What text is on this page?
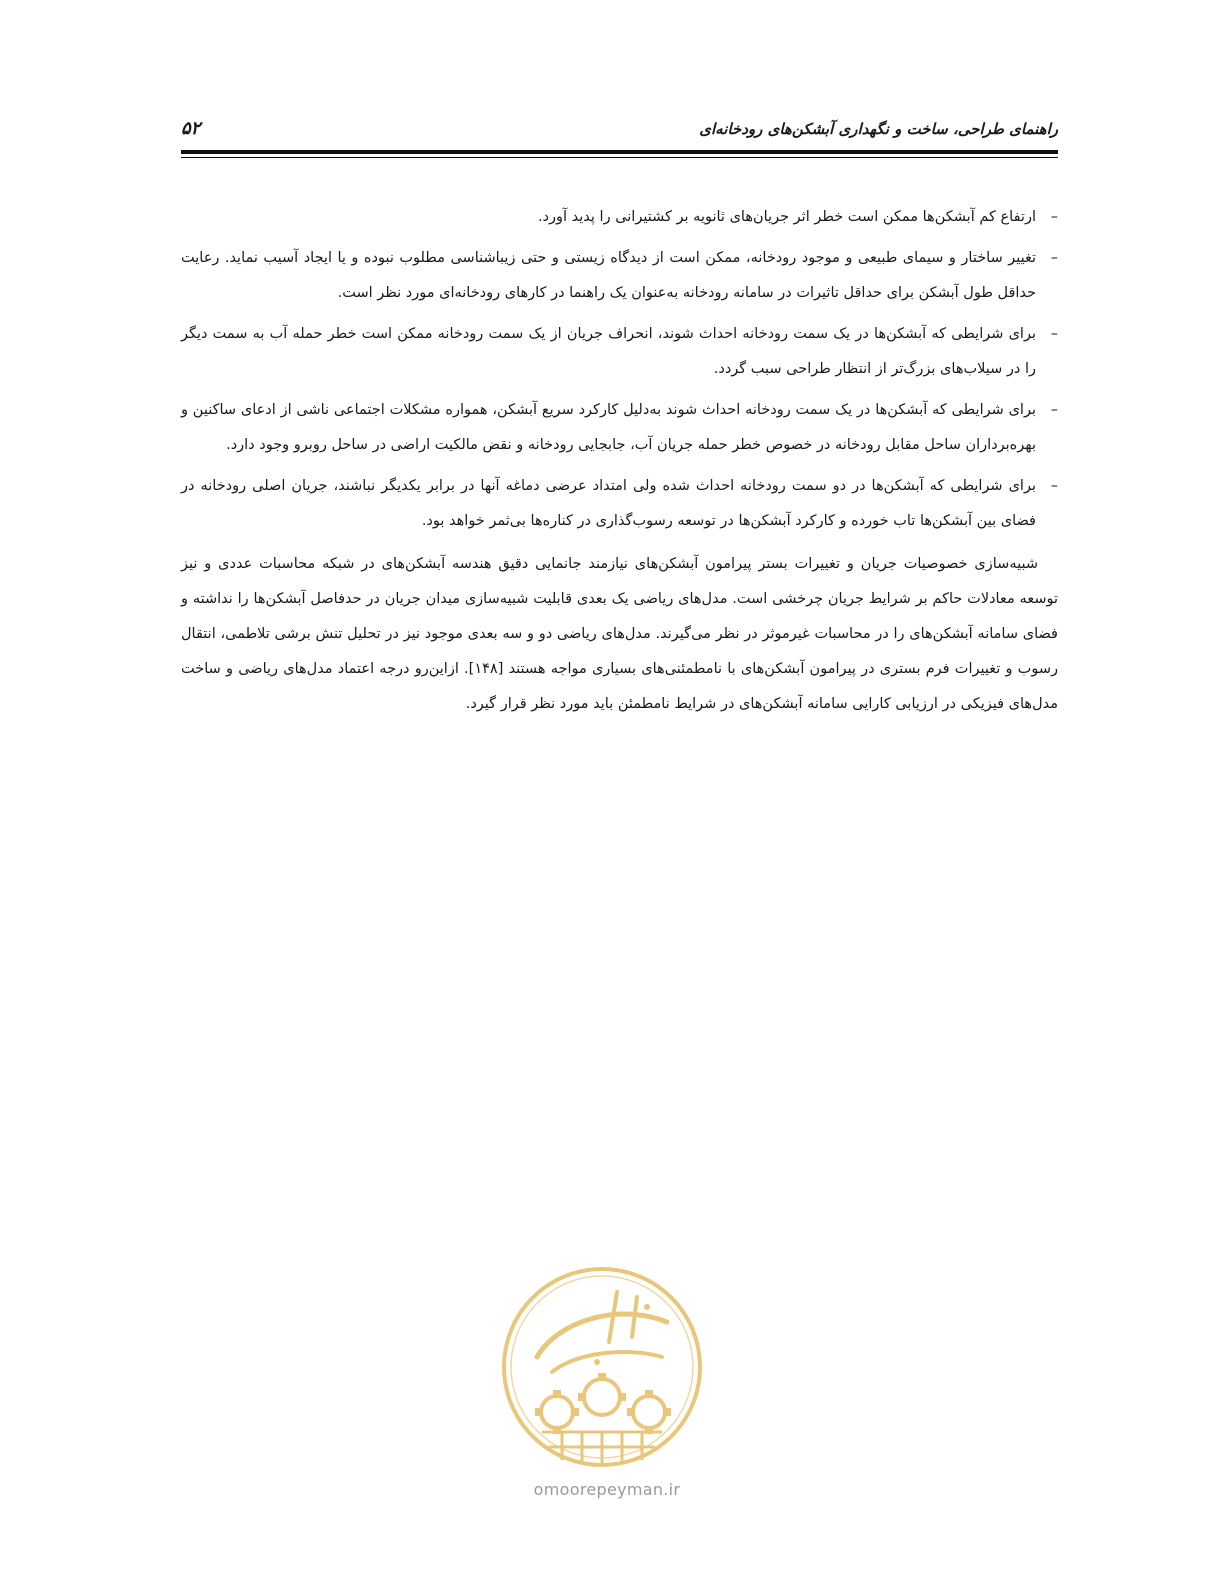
راهنمای طراحی، ساخت و نگهداری آبشکن‌های رودخانه‌ای
۵۲
–
ارتفاع کم آبشکن‌ها ممکن است خطر اثر جریان‌های ثانویه بر کشتیرانی را پدید آورد.
–
تغییر ساختار و سیمای طبیعی و موجود رودخانه، ممکن است از دیدگاه زیستی و حتی زیباشناسی مطلوب نبوده و یا ایجاد آسیب نماید. رعایت حداقل طول آبشکن برای حداقل تاثیرات در سامانه رودخانه به‌عنوان یک راهنما در کارهای رودخانه‌ای مورد نظر است.
–
برای شرایطی که آبشکن‌ها در یک سمت رودخانه احداث شوند، انحراف جریان از یک سمت رودخانه ممکن است خطر حمله آب به سمت دیگر را در سیلاب‌های بزرگ‌تر از انتظار طراحی سبب گردد.
–
برای شرایطی که آبشکن‌ها در یک سمت رودخانه احداث شوند به‌دلیل کارکرد سریع آبشکن، همواره مشکلات اجتماعی ناشی از ادعای ساکنین و بهره‌برداران ساحل مقابل رودخانه در خصوص خطر حمله جریان آب، جابجایی رودخانه و نقض مالکیت اراضی در ساحل روبرو وجود دارد.
–
برای شرایطی که آبشکن‌ها در دو سمت رودخانه احداث شده ولی امتداد عرضی دماغه آنها در برابر یکدیگر نباشند، جریان اصلی رودخانه در فضای بین آبشکن‌ها تاب خورده و کارکرد آبشکن‌ها در توسعه رسوب‌گذاری در کناره‌ها بی‌ثمر خواهد بود.

شبیه‌سازی خصوصیات جریان و تغییرات بستر پیرامون آبشکن‌های نیازمند جانمایی دقیق هندسه آبشکن‌های در شبکه محاسبات عددی و نیز توسعه معادلات حاکم بر شرایط جریان چرخشی است. مدل‌های ریاضی یک بعدی قابلیت شبیه‌سازی میدان جریان در حدفاصل آبشکن‌ها را نداشته و فضای سامانه آبشکن‌های را در محاسبات غیرموثر در نظر می‌گیرند. مدل‌های ریاضی دو و سه بعدی موجود نیز در تحلیل تنش برشی تلاطمی، انتقال رسوب و تغییرات فرم بستری در پیرامون آبشکن‌های با نامطمئنی‌های بسیاری مواجه هستند [۱۴۸]. ازاین‌رو درجه اعتماد مدل‌های ریاضی و ساخت مدل‌های فیزیکی در ارزیابی کارایی سامانه آبشکن‌های در شرایط نامطمئن باید مورد نظر قرار گیرد.

omoorepeyman.ir
